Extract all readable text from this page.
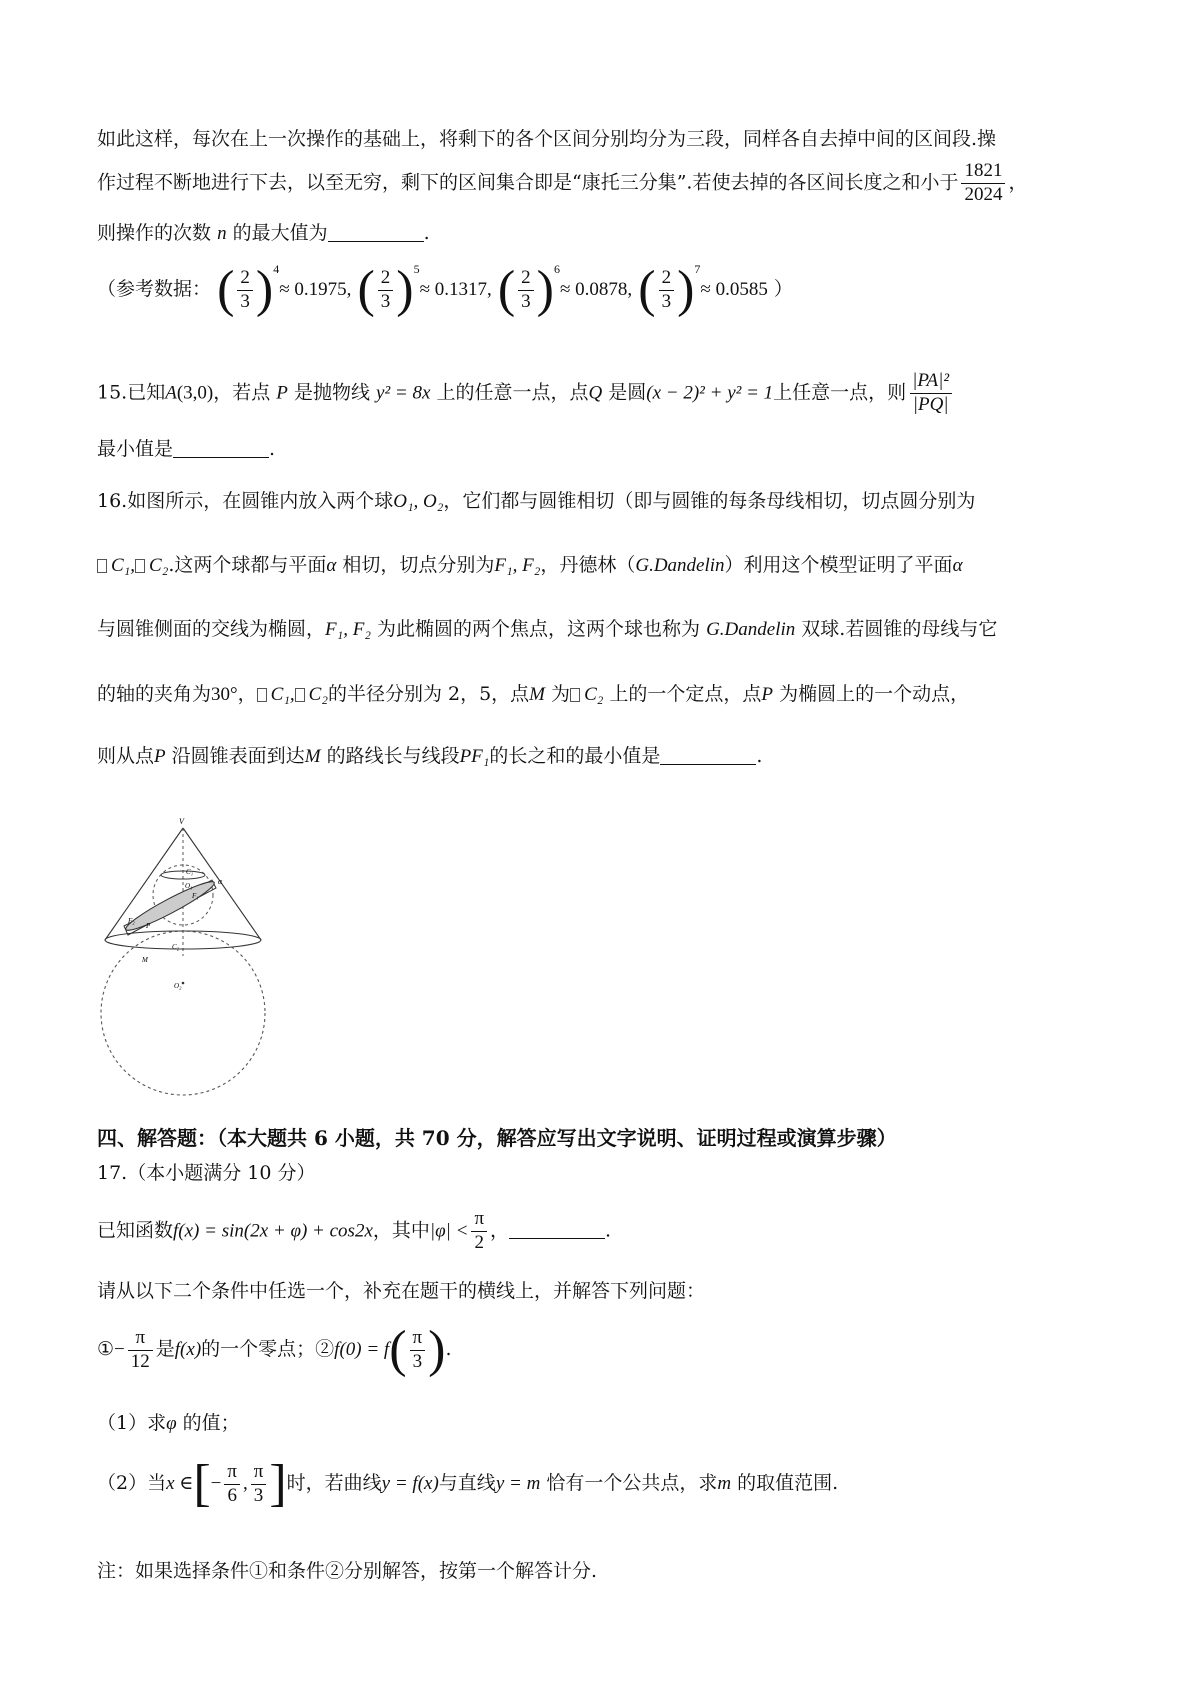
如此这样，每次在上一次操作的基础上，将剩下的各个区间分别均分为三段，同样各自去掉中间的区间段.操
作过程不断地进行下去，以至无穷，剩下的区间集合即是“康托三分集”.若使去掉的各区间长度之和小于 $\frac{1821}{2024}$ ，
则操作的次数 n 的最大值为	.
（参考数据： ( $\frac{2}{3} )^4\approx 0.1975$, ( $\frac{2}{3} )^5\approx 0.1317$, ( $\frac{2}{3} )^6\approx 0.0878$, ( $\frac{2}{3} )^7\approx 0.0585$ ）
15.已知A(3,0)，若点 P 是抛物线 y² = 8x 上的任意一点，点Q 是圆(x − 2)² + y² = 1上任意一点，则 $\frac{\text{|PA|²}}{|PQ|}$
最小值是	.
16.如图所示，在圆锥内放入两个球O₁, O₂，它们都与圆锥相切（即与圆锥的每条母线相切，切点圆分别为
C₁, C₂.这两个球都与平面α 相切，切点分别为F₁, F₂，丹德林（G.Dandelin）利用这个模型证明了平面α
与圆锥侧面的交线为椭圆，F₁, F₂ 为此椭圆的两个焦点，这两个球也称为 G.Dandelin 双球.若圆锥的母线与它
的轴的夹角为30°， C₁, C₂的半径分别为 2，5，点M 为 C₂ 上的一个定点，点P 为椭圆上的一个动点，
则从点P 沿圆锥表面到达M 的路线长与线段PF₁的长之和的最小值是	.
V
C₁
O₁	α
F₁
F₂
P
C₂
M
O₂
四、解答题：（本大题共 6 小题，共 70 分，解答应写出文字说明、证明过程或演算步骤）
17.（本小题满分 10 分）
已知函数f(x) = sin(2x + φ) + cos2x，其中$|\varphi| < \frac{\pi}{2}$ ，	.
请从以下二个条件中任选一个，补充在题干的横线上，并解答下列问题：
①− $\frac{\pi}{12}$ 是f(x)的一个零点；②f(0) = $f( \frac{\pi}{3}$ ).
（1）求φ 的值；
（2）当x ∈[− $\frac{\pi}{6}$ , $\frac{\pi}{3}$ ]时，若曲线y = f(x)与直线y = m 恰有一个公共点，求m 的取值范围.
注：如果选择条件①和条件②分别解答，按第一个解答计分.
